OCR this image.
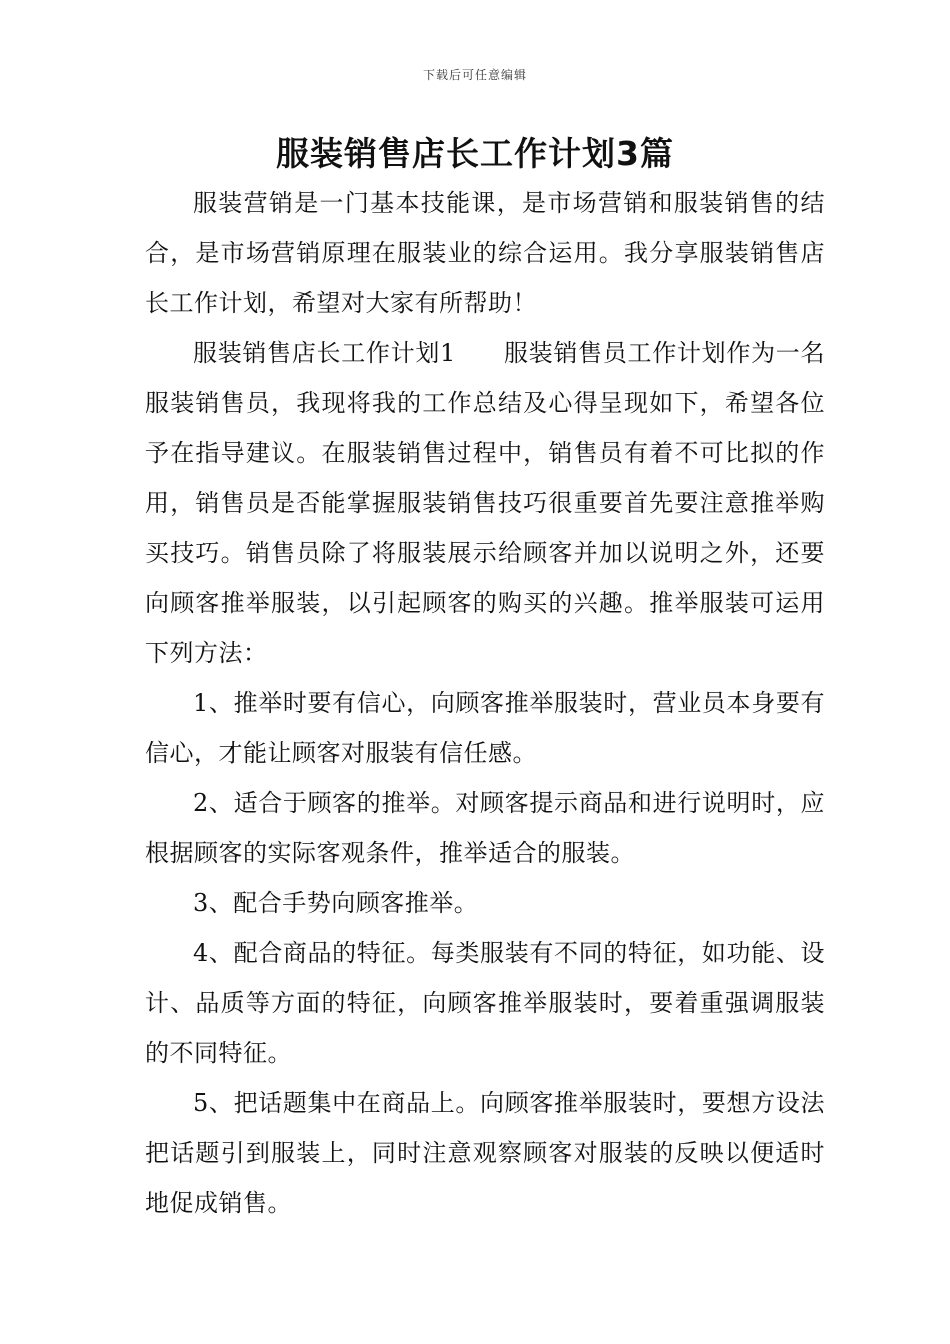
下载后可任意编辑
服装销售店长工作计划3篇

服装营销是一门基本技能课，是市场营销和服装销售的结合，是市场营销原理在服装业的综合运用。我分享服装销售店长工作计划，希望对大家有所帮助！

服装销售店长工作计划1 服装销售员工作计划作为一名服装销售员，我现将我的工作总结及心得呈现如下，希望各位予在指导建议。在服装销售过程中，销售员有着不可比拟的作用，销售员是否能掌握服装销售技巧很重要首先要注意推举购买技巧。销售员除了将服装展示给顾客并加以说明之外，还要向顾客推举服装，以引起顾客的购买的兴趣。推举服装可运用下列方法：

1、推举时要有信心，向顾客推举服装时，营业员本身要有信心，才能让顾客对服装有信任感。

2、适合于顾客的推举。对顾客提示商品和进行说明时，应根据顾客的实际客观条件，推举适合的服装。

3、配合手势向顾客推举。

4、配合商品的特征。每类服装有不同的特征，如功能、设计、品质等方面的特征，向顾客推举服装时，要着重强调服装的不同特征。

5、把话题集中在商品上。向顾客推举服装时，要想方设法把话题引到服装上，同时注意观察顾客对服装的反映以便适时地促成销售。
